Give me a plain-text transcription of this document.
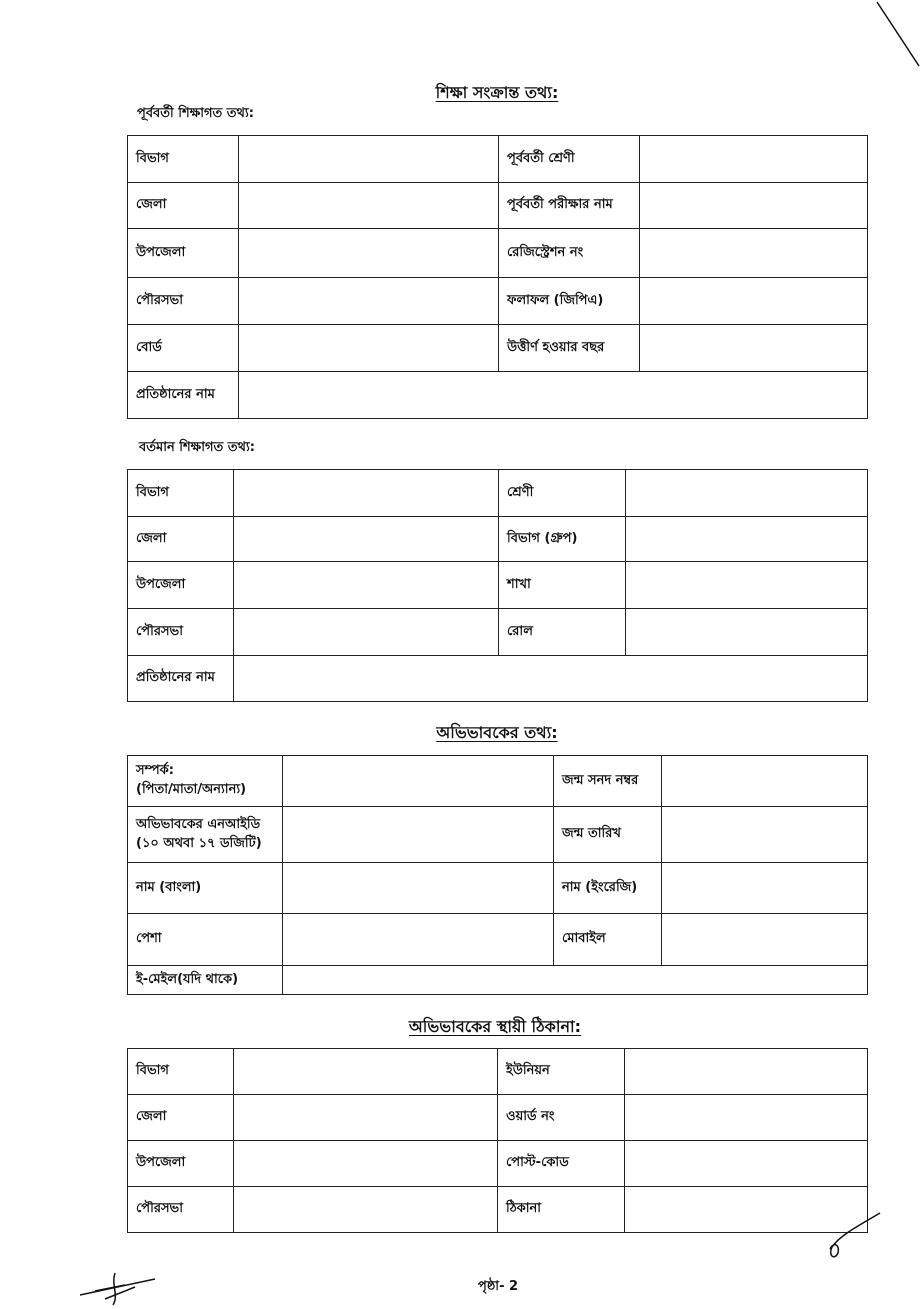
শিক্ষা সংক্রান্ত তথ্য:
পূর্ববর্তী শিক্ষাগত তথ্য:
বিভাগ		পূর্ববর্তী শ্রেণী	
জেলা		পূর্ববর্তী পরীক্ষার নাম	
উপজেলা		রেজিস্ট্রেশন নং	
পৌরসভা		ফলাফল (জিপিএ)	
বোর্ড		উত্তীর্ণ হওয়ার বছর	
প্রতিষ্ঠানের নাম			
বর্তমান শিক্ষাগত তথ্য:
বিভাগ		শ্রেণী	
জেলা		বিভাগ (গ্রুপ)	
উপজেলা		শাখা	
পৌরসভা		রোল	
প্রতিষ্ঠানের নাম			
অভিভাবকের তথ্য:
সম্পর্ক:
(পিতা/মাতা/অন্যান্য)		জন্ম সনদ নম্বর	
অভিভাবকের এনআইডি
(১০ অথবা ১৭ ডজিটি)		জন্ম তারিখ	
নাম (বাংলা)		নাম (ইংরেজি)	
পেশা		মোবাইল	
ই-মেইল(যদি থাকে)			
অভিভাবকের স্থায়ী ঠিকানা:
বিভাগ		ইউনিয়ন	
জেলা		ওয়ার্ড নং	
উপজেলা		পোস্ট-কোড	
পৌরসভা		ঠিকানা	
পৃষ্ঠা- 2
